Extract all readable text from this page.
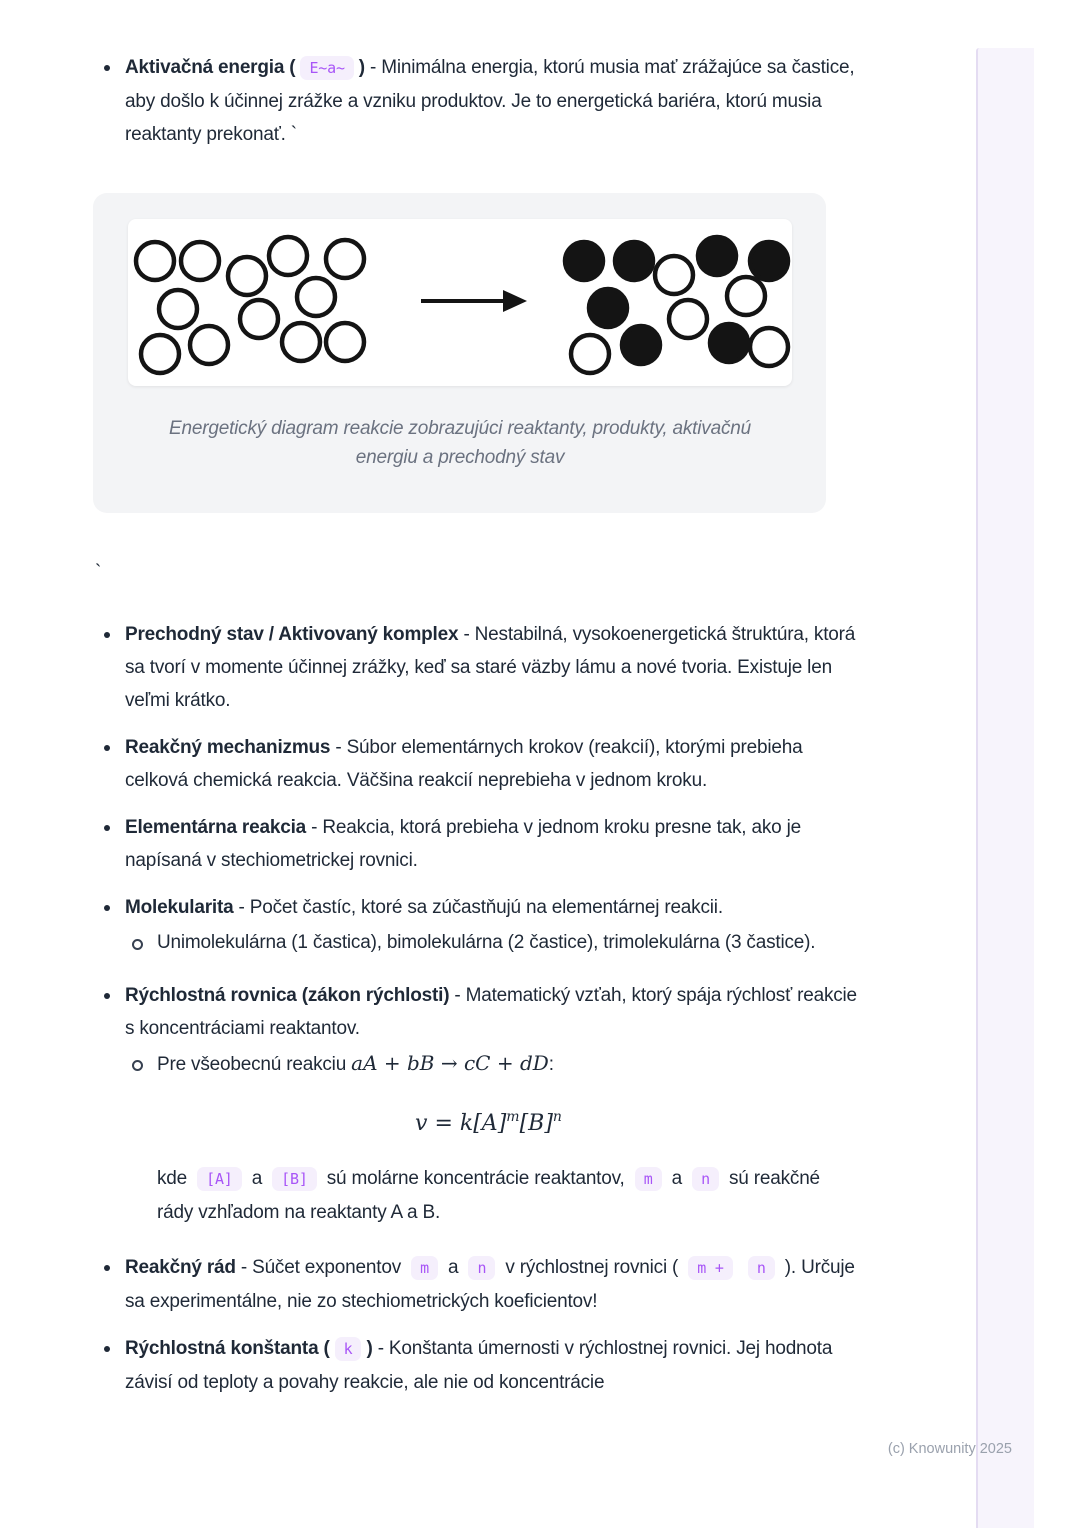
Aktivačná energia ( E~a~ ) - Minimálna energia, ktorú musia mať zrážajúce sa častice, aby došlo k účinnej zrážke a vzniku produktov. Je to energetická bariéra, ktorú musia reaktanty prekonať. `

Energetický diagram reakcie zobrazujúci reaktanty, produkty, aktivačnú energiu a prechodný stav

`

Prechodný stav / Aktivovaný komplex - Nestabilná, vysokoenergetická štruktúra, ktorá sa tvorí v momente účinnej zrážky, keď sa staré väzby lámu a nové tvoria. Existuje len veľmi krátko.
Reakčný mechanizmus - Súbor elementárnych krokov (reakcií), ktorými prebieha celková chemická reakcia. Väčšina reakcií neprebieha v jednom kroku.
Elementárna reakcia - Reakcia, ktorá prebieha v jednom kroku presne tak, ako je napísaná v stechiometrickej rovnici.
Molekularita - Počet častíc, ktoré sa zúčastňujú na elementárnej reakcii.
Unimolekulárna (1 častica), bimolekulárna (2 častice), trimolekulárna (3 častice).
Rýchlostná rovnica (zákon rýchlosti) - Matematický vzťah, ktorý spája rýchlosť reakcie s koncentráciami reaktantov.
Pre všeobecnú reakciu aA + bB → cC + dD:
v = k[A]m[B]n

kde [A] a [B] sú molárne koncentrácie reaktantov, m a n sú reakčné rády vzhľadom na reaktanty A a B.

Reakčný rád - Súčet exponentov m a n v rýchlostnej rovnici ( m + n ). Určuje sa experimentálne, nie zo stechiometrických koeficientov!
Rýchlostná konštanta ( k ) - Konštanta úmernosti v rýchlostnej rovnici. Jej hodnota závisí od teploty a povahy reakcie, ale nie od koncentrácie
(c) Knowunity 2025
